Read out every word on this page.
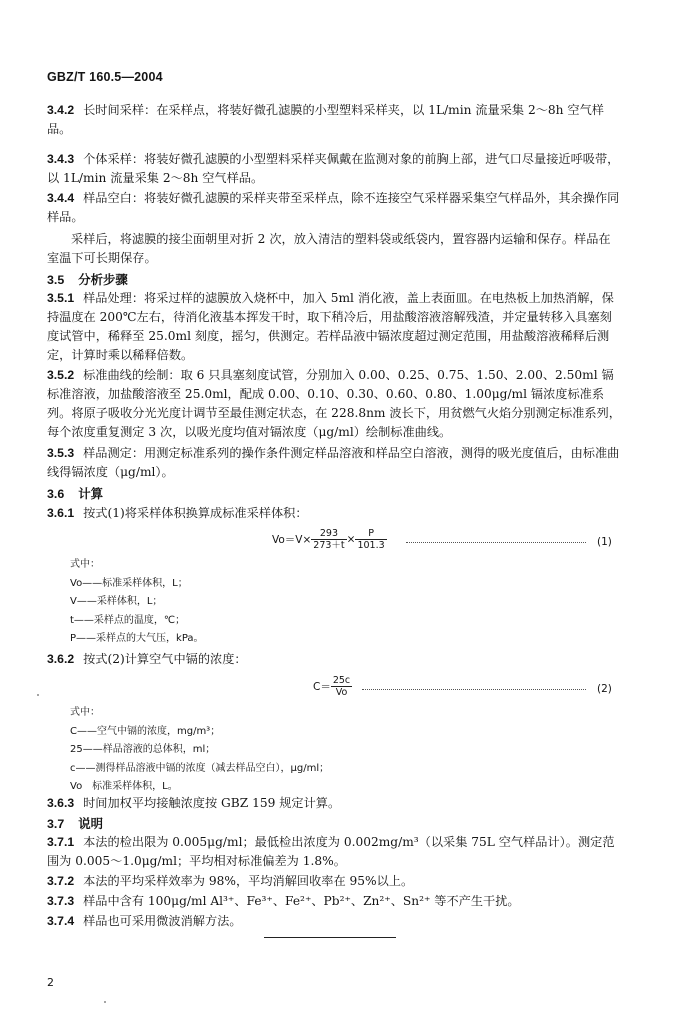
GBZ/T 160.5—2004
3.4.2 长时间采样：在采样点，将装好微孔滤膜的小型塑料采样夹，以 1L/min 流量采集 2～8h 空气样品。
3.4.3 个体采样：将装好微孔滤膜的小型塑料采样夹佩戴在监测对象的前胸上部，进气口尽量接近呼吸带，以 1L/min 流量采集 2～8h 空气样品。
3.4.4 样品空白：将装好微孔滤膜的采样夹带至采样点，除不连接空气采样器采集空气样品外，其余操作同样品。
采样后，将滤膜的接尘面朝里对折 2 次，放入清洁的塑料袋或纸袋内，置容器内运输和保存。样品在室温下可长期保存。
3.5 分析步骤
3.5.1 样品处理：将采过样的滤膜放入烧杯中，加入 5ml 消化液，盖上表面皿。在电热板上加热消解，保持温度在 200℃左右，待消化液基本挥发干时，取下稍冷后，用盐酸溶液溶解残渣，并定量转移入具塞刻度试管中，稀释至 25.0ml 刻度，摇匀，供测定。若样品液中镉浓度超过测定范围，用盐酸溶液稀释后测定，计算时乘以稀释倍数。
3.5.2 标准曲线的绘制：取 6 只具塞刻度试管，分别加入 0.00、0.25、0.75、1.50、2.00、2.50ml 镉标准溶液，加盐酸溶液至 25.0ml，配成 0.00、0.10、0.30、0.60、0.80、1.00μg/ml 镉浓度标准系列。将原子吸收分光光度计调节至最佳测定状态，在 228.8nm 波长下，用贫燃气火焰分别测定标准系列，每个浓度重复测定 3 次，以吸光度均值对镉浓度（μg/ml）绘制标准曲线。
3.5.3 样品测定：用测定标准系列的操作条件测定样品溶液和样品空白溶液，测得的吸光度值后，由标准曲线得镉浓度（μg/ml）。
3.6 计算
3.6.1 按式(1)将采样体积换算成标准采样体积：
$Vo=V\times \frac{293}{273+t} \times \frac{P}{101.3}$	(1)
式中：
Vo——标准采样体积，L；
V——采样体积，L；
t——采样点的温度，℃；
P——采样点的大气压，kPa。
3.6.2 按式(2)计算空气中镉的浓度：
$C= \frac{25c}{Vo}$	(2)
式中：
C——空气中镉的浓度，mg/m³；
25——样品溶液的总体积，ml；
c——测得样品溶液中镉的浓度（减去样品空白），μg/ml；
Vo　标准采样体积，L。
3.6.3 时间加权平均接触浓度按 GBZ 159 规定计算。
3.7 说明
3.7.1 本法的检出限为 0.005μg/ml；最低检出浓度为 0.002mg/m³（以采集 75L 空气样品计）。测定范围为 0.005～1.0μg/ml；平均相对标准偏差为 1.8%。
3.7.2 本法的平均采样效率为 98%，平均消解回收率在 95%以上。
3.7.3 样品中含有 100μg/ml Al³⁺、Fe³⁺、Fe²⁺、Pb²⁺、Zn²⁺、Sn²⁺ 等不产生干扰。
3.7.4 样品也可采用微波消解方法。
2
